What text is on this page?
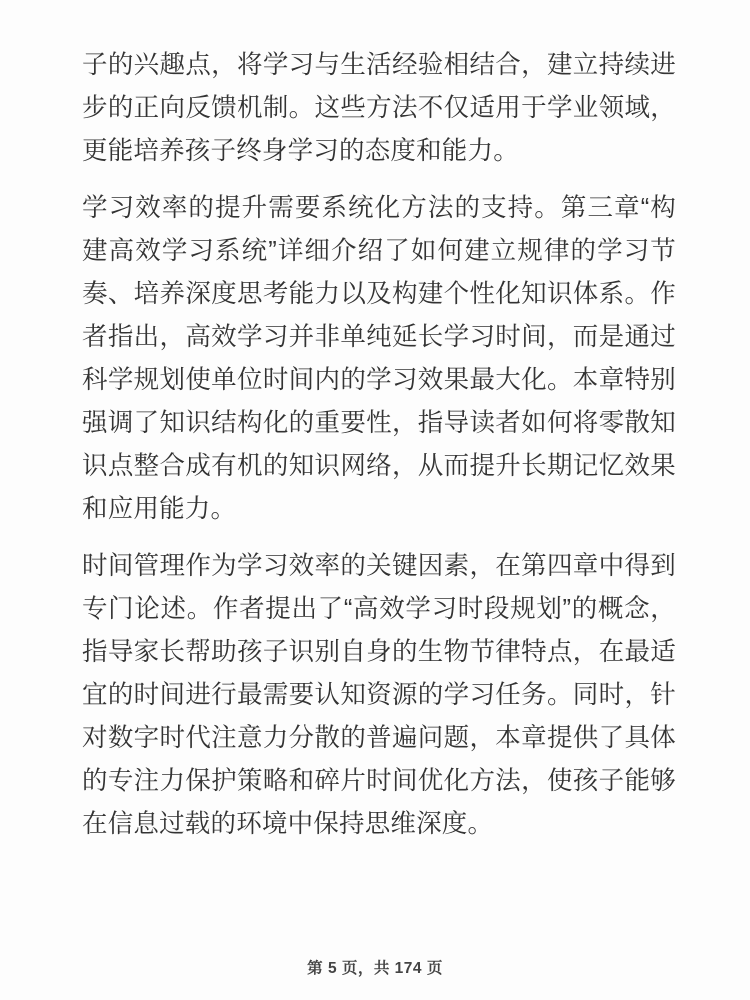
子的兴趣点，将学习与生活经验相结合，建立持续进步的正向反馈机制。这些方法不仅适用于学业领域，更能培养孩子终身学习的态度和能力。

学习效率的提升需要系统化方法的支持。第三章“构建高效学习系统”详细介绍了如何建立规律的学习节奏、培养深度思考能力以及构建个性化知识体系。作者指出，高效学习并非单纯延长学习时间，而是通过科学规划使单位时间内的学习效果最大化。本章特别强调了知识结构化的重要性，指导读者如何将零散知识点整合成有机的知识网络，从而提升长期记忆效果和应用能力。

时间管理作为学习效率的关键因素，在第四章中得到专门论述。作者提出了“高效学习时段规划”的概念，指导家长帮助孩子识别自身的生物节律特点，在最适宜的时间进行最需要认知资源的学习任务。同时，针对数字时代注意力分散的普遍问题，本章提供了具体的专注力保护策略和碎片时间优化方法，使孩子能够在信息过载的环境中保持思维深度。

第 5 页，共 174 页
